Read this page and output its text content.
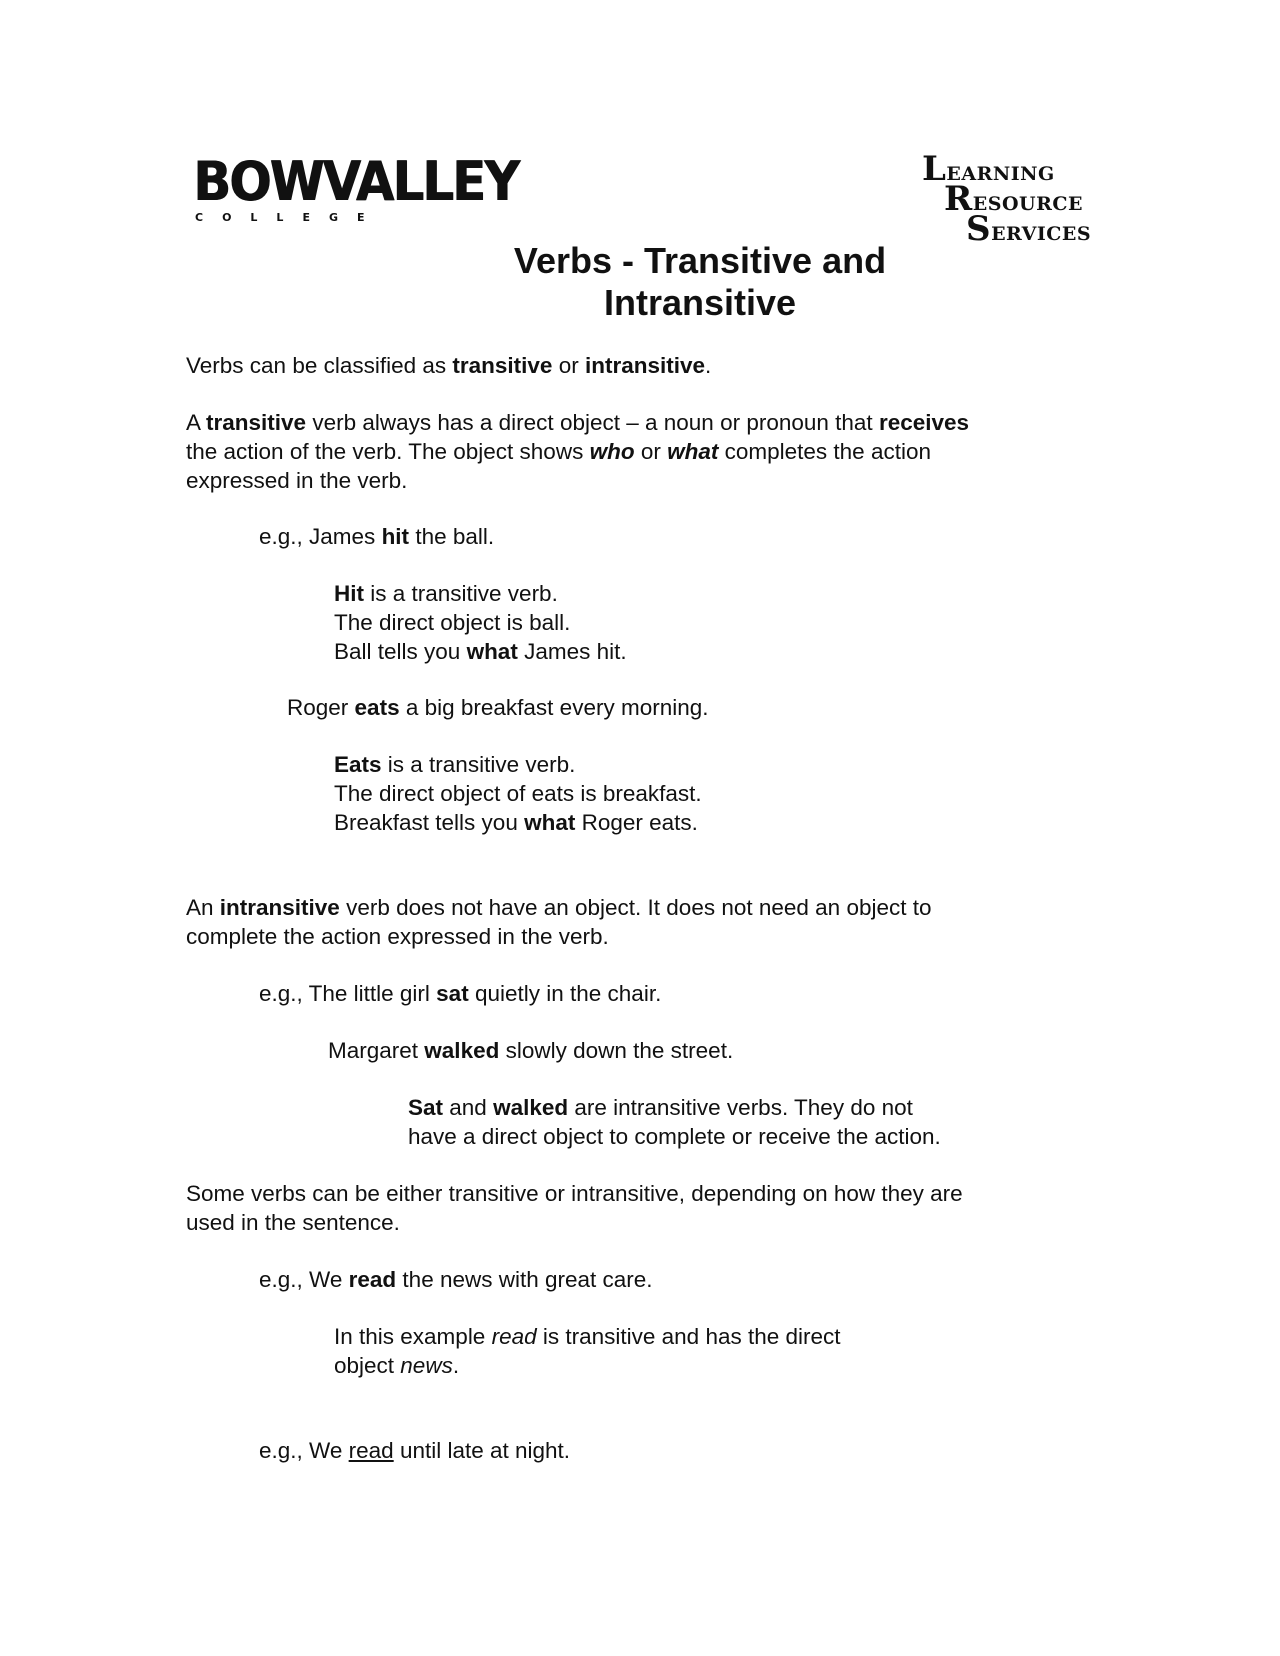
BOWVALLEY
COLLEGE
LEARNING
RESOURCE
SERVICES
Verbs - Transitive and
Intransitive
Verbs can be classified as transitive or intransitive.
A transitive verb always has a direct object – a noun or pronoun that receives
the action of the verb. The object shows who or what completes the action
expressed in the verb.
e.g., James hit the ball.
Hit is a transitive verb.
The direct object is ball.
Ball tells you what James hit.
Roger eats a big breakfast every morning.
Eats is a transitive verb.
The direct object of eats is breakfast.
Breakfast tells you what Roger eats.
An intransitive verb does not have an object. It does not need an object to
complete the action expressed in the verb.
e.g., The little girl sat quietly in the chair.
Margaret walked slowly down the street.
Sat and walked are intransitive verbs. They do not
have a direct object to complete or receive the action.
Some verbs can be either transitive or intransitive, depending on how they are
used in the sentence.
e.g., We read the news with great care.
In this example read is transitive and has the direct
object news.
e.g., We read until late at night.
